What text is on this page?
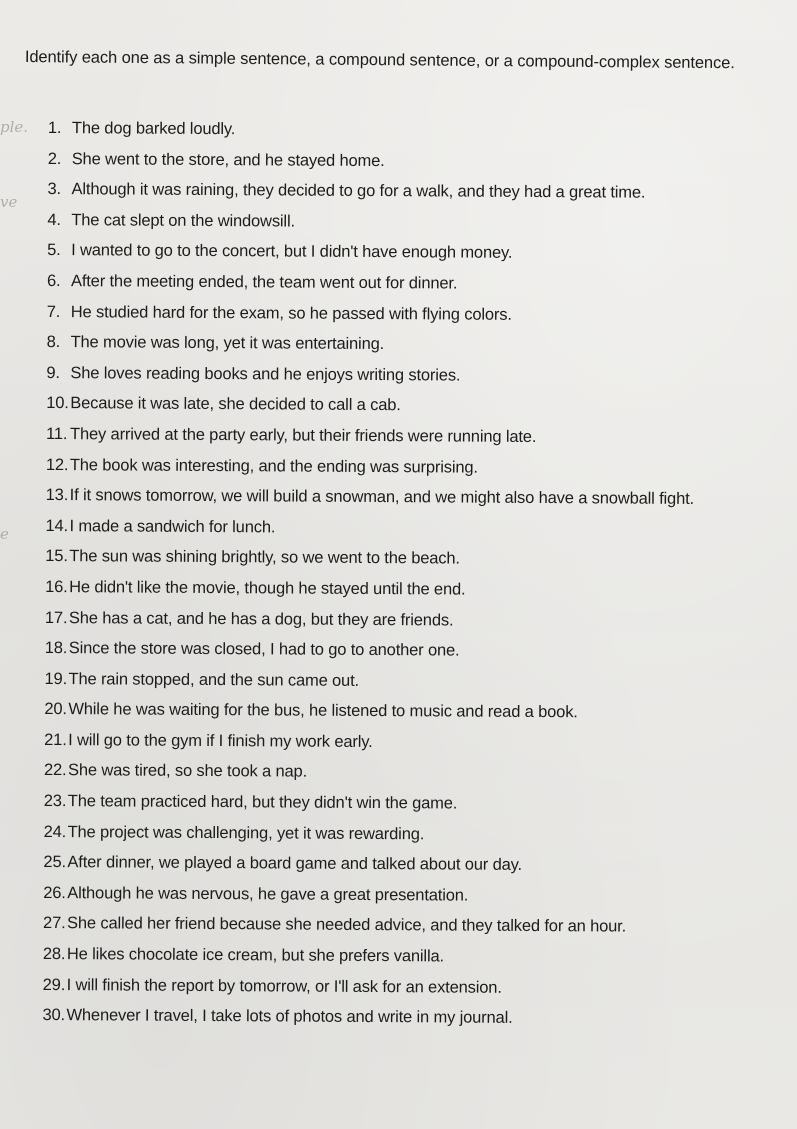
Identify each one as a simple sentence, a compound sentence, or a compound-complex sentence.
ple.
ve
e
1. The dog barked loudly.
2. She went to the store, and he stayed home.
3. Although it was raining, they decided to go for a walk, and they had a great time.
4. The cat slept on the windowsill.
5. I wanted to go to the concert, but I didn't have enough money.
6. After the meeting ended, the team went out for dinner.
7. He studied hard for the exam, so he passed with flying colors.
8. The movie was long, yet it was entertaining.
9. She loves reading books and he enjoys writing stories.
10. Because it was late, she decided to call a cab.
11. They arrived at the party early, but their friends were running late.
12. The book was interesting, and the ending was surprising.
13. If it snows tomorrow, we will build a snowman, and we might also have a snowball fight.
14. I made a sandwich for lunch.
15. The sun was shining brightly, so we went to the beach.
16. He didn't like the movie, though he stayed until the end.
17. She has a cat, and he has a dog, but they are friends.
18. Since the store was closed, I had to go to another one.
19. The rain stopped, and the sun came out.
20. While he was waiting for the bus, he listened to music and read a book.
21. I will go to the gym if I finish my work early.
22. She was tired, so she took a nap.
23. The team practiced hard, but they didn't win the game.
24. The project was challenging, yet it was rewarding.
25. After dinner, we played a board game and talked about our day.
26. Although he was nervous, he gave a great presentation.
27. She called her friend because she needed advice, and they talked for an hour.
28. He likes chocolate ice cream, but she prefers vanilla.
29. I will finish the report by tomorrow, or I'll ask for an extension.
30. Whenever I travel, I take lots of photos and write in my journal.
